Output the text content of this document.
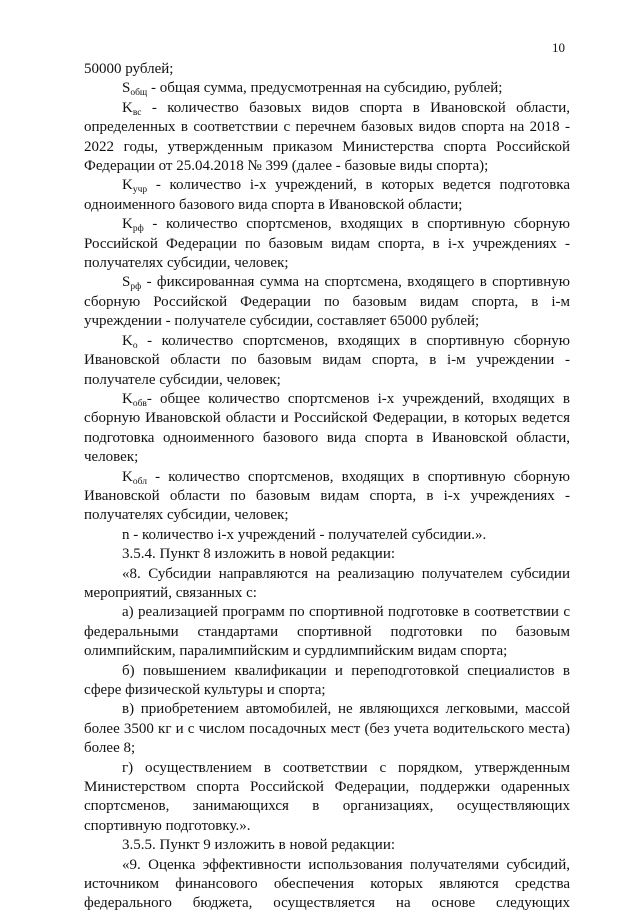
10

50000 рублей;

$S_{общ}$ - общая сумма, предусмотренная на субсидию, рублей;

$K_{вс}$ - количество базовых видов спорта в Ивановской области, определенных в соответствии с перечнем базовых видов спорта на 2018 - 2022 годы, утвержденным приказом Министерства спорта Российской Федерации от 25.04.2018 № 399 (далее - базовые виды спорта);

$K_{учр}$ - количество i-х учреждений, в которых ведется подготовка одноименного базового вида спорта в Ивановской области;

$K_{рф}$ - количество спортсменов, входящих в спортивную сборную Российской Федерации по базовым видам спорта, в i-х учреждениях - получателях субсидии, человек;

$S_{рф}$ - фиксированная сумма на спортсмена, входящего в спортивную сборную Российской Федерации по базовым видам спорта, в i-м учреждении - получателе субсидии, составляет 65000 рублей;

$K_о$ - количество спортсменов, входящих в спортивную сборную Ивановской области по базовым видам спорта, в i-м учреждении - получателе субсидии, человек;

$K_{обв}-$ общее количество спортсменов i-х учреждений, входящих в сборную Ивановской области и Российской Федерации, в которых ведется подготовка одноименного базового вида спорта в Ивановской области, человек;

$K_{обл}$ - количество спортсменов, входящих в спортивную сборную Ивановской области по базовым видам спорта, в i-х учреждениях - получателях субсидии, человек;

n - количество i-х учреждений - получателей субсидии.».

3.5.4. Пункт 8 изложить в новой редакции:

«8. Субсидии направляются на реализацию получателем субсидии мероприятий, связанных с:

а) реализацией программ по спортивной подготовке в соответствии с федеральными стандартами спортивной подготовки по базовым олимпийским, паралимпийским и сурдлимпийским видам спорта;

б) повышением квалификации и переподготовкой специалистов в сфере физической культуры и спорта;

в) приобретением автомобилей, не являющихся легковыми, массой более 3500 кг и с числом посадочных мест (без учета водительского места) более 8;

г) осуществлением в соответствии с порядком, утвержденным Министерством спорта Российской Федерации, поддержки одаренных спортсменов, занимающихся в организациях, осуществляющих спортивную подготовку.».

3.5.5. Пункт 9 изложить в новой редакции:

«9. Оценка эффективности использования получателями субсидий, источником финансового обеспечения которых являются средства федерального бюджета, осуществляется на основе следующих
